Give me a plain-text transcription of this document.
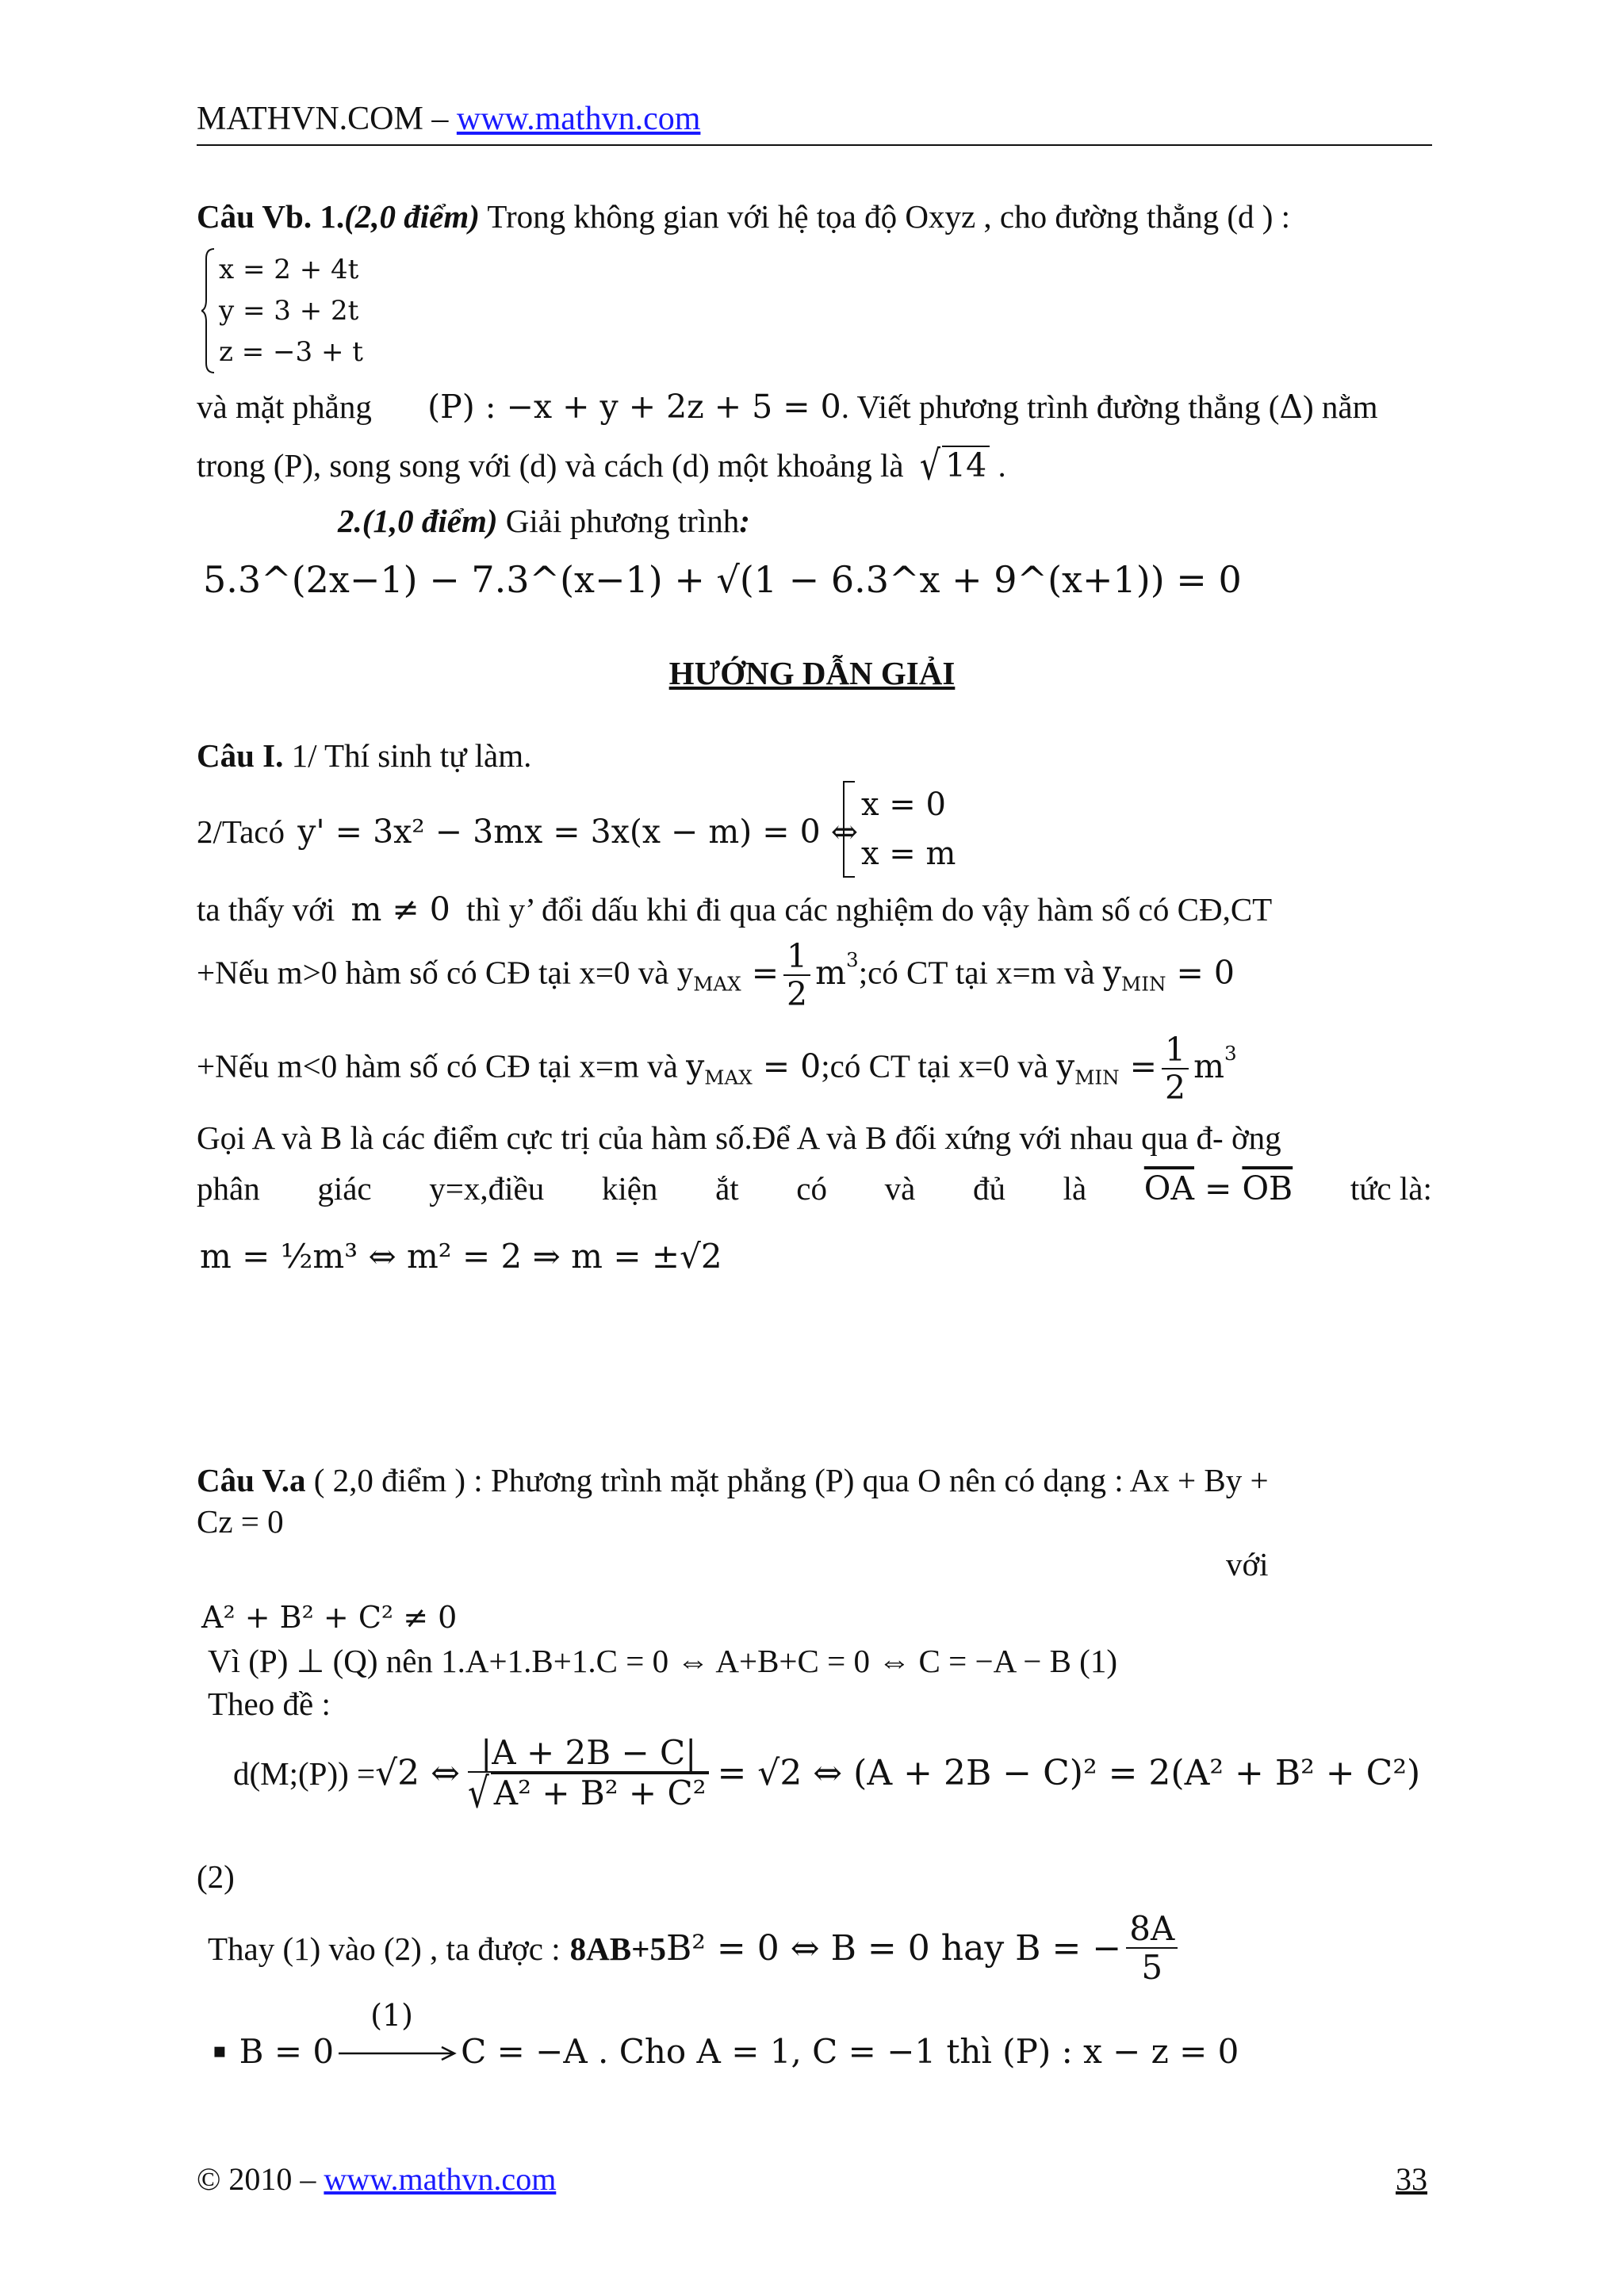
MATHVN.COM – www.mathvn.com
Câu Vb. 1.(2,0 điểm) Trong không gian với hệ tọa độ Oxyz , cho đường thẳng (d ) :
x = 2 + 4t
y = 3 + 2t
z = −3 + t
và mặt phẳng (P) : −x + y + 2z + 5 = 0. Viết phương trình đường thẳng (Δ) nằm
trong (P), song song với (d) và cách (d) một khoảng là √ 14 .
2.(1,0 điểm) Giải phương trình:
5.3^(2x−1) − 7.3^(x−1) + √(1 − 6.3^x + 9^(x+1)) = 0
HƯỚNG DẪN GIẢI
Câu I. 1/ Thí sinh tự làm.
2/Tacó y' = 3x² − 3mx = 3x(x − m) = 0 ⇔
x = 0
x = m
ta thấy với m ≠ 0 thì y’ đổi dấu khi đi qua các nghiệm do vậy hàm số có CĐ,CT
+Nếu m>0 hàm số có CĐ tại x=0 và $y_{MAX} = \frac{1}{2}$ $m^3;có$ CT tại x=m và $y_{MIN} = 0$
+Nếu m<0 hàm số có CĐ tại x=m và $y_{MAX}$ = 0;có CT tại x=0 và $y_{MIN} = \frac{1}{2} m^3$
Gọi A và B là các điểm cực trị của hàm số.Để A và B đối xứng với nhau qua đ- ờng
phân giác y=x,điều kiện ắt có và đủ là $\overline{OA} = \overline{OB}$ tức là:
m = ½m³ ⇔ m² = 2 ⇒ m = ±√2
Câu V.a ( 2,0 điểm ) : Phương trình mặt phẳng (P) qua O nên có dạng : Ax + By +
Cz = 0
với
A² + B² + C² ≠ 0
Vì (P) ⊥ (Q) nên 1.A+1.B+1.C = 0 ⇔ A+B+C = 0 ⇔ C = −A − B (1)
Theo đề :
d(M;(P)) = √2 ⇔ $\frac{|A + 2B - C|}{\text{√ A² + B² + C²}} = √2$ ⇔ (A + 2B − C)² = 2(A² + B² + C²)
(2)
Thay (1) vào (2) , ta được : 8AB+5 B² = 0 ⇔ B = 0 hay B = − $\frac{8A}{5}$
▪ B = 0
(1)
C = −A . Cho A = 1, C = −1 thì (P) : x − z = 0
© 2010 – www.mathvn.com	33
